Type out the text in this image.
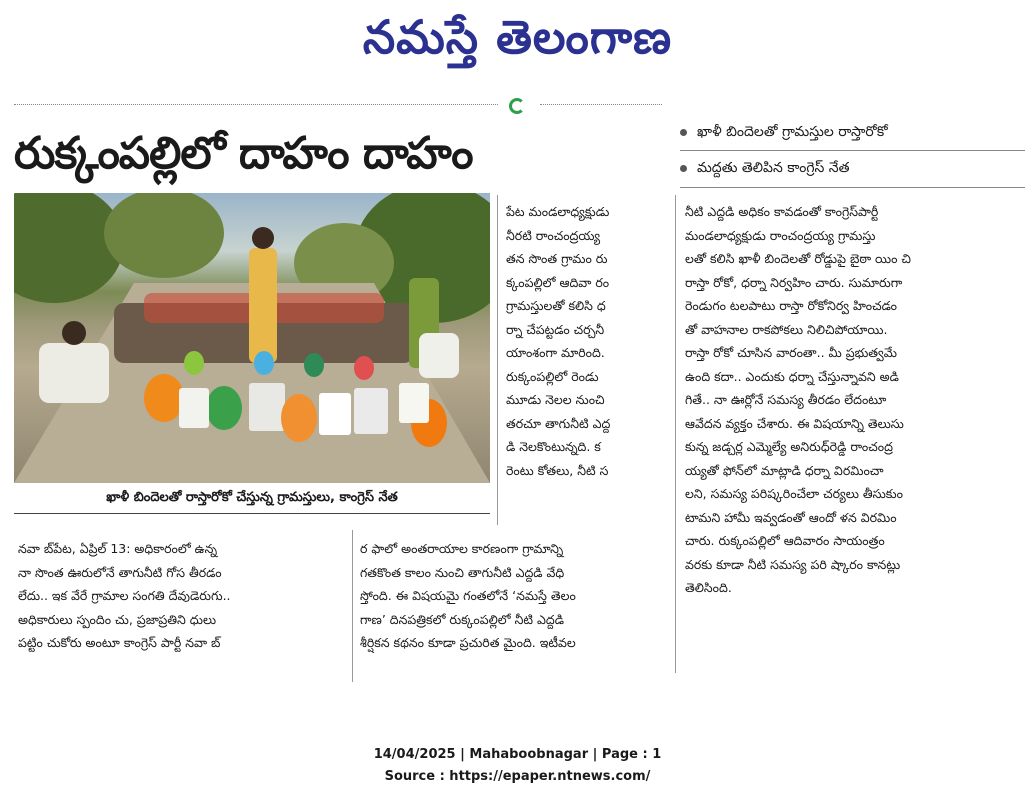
నమస్తే తెలంగాణ
రుక్కంపల్లిలో దాహం దాహం	ఖాళీ బిందెలతో గ్రామస్తుల రాస్తారోకో
మద్దతు తెలిపిన కాంగ్రెస్ నేత
ఖాళీ బిందెలతో రాస్తారోకో చేస్తున్న గ్రామస్తులు, కాంగ్రెస్ నేత
పేట మండలాధ్యక్షుడు
నీరటి రాంచంద్రయ్య
తన సొంత గ్రామం రు
క్కంపల్లిలో ఆదివా రం
గ్రామస్తులతో కలిసి ధ
ర్నా చేపట్టడం చర్చనీ
యాంశంగా మారింది.
రుక్కంపల్లిలో రెండు
మూడు నెలల నుంచి
తరచూ తాగునీటి ఎద్ద
డి నెలకొంటున్నది. క
రెంటు కోతలు, నీటి స
నీటి ఎద్దడి అధికం కావడంతో కాంగ్రెస్‌పార్టీ
మండలాధ్యక్షుడు రాంచంద్రయ్య గ్రామస్తు
లతో కలిసి ఖాళీ బిందెలతో రోడ్డుపై బైఠా యిం చి
రాస్తా రోకో, ధర్నా నిర్వహిం చారు. సుమారుగా
రెండుగం టలపాటు రాస్తా రోకోనిర్వ హించడం
తో వాహనాల రాకపోకలు నిలిచిపోయాయి.
రాస్తా రోకో చూసిన వారంతా.. మీ ప్రభుత్వమే
ఉంది కదా.. ఎందుకు ధర్నా చేస్తున్నావని అడి
గితే.. నా ఊర్లోనే సమస్య తీరడం లేదంటూ
ఆవేదన వ్యక్తం చేశారు. ఈ విషయాన్ని తెలుసు
కున్న జడ్చర్ల ఎమ్మెల్యే అనిరుధ్‌రెడ్డి రాంచంద్ర
య్యతో ఫోన్‌లో మాట్లాడి ధర్నా విరమించా
లని, సమస్య పరిష్కరించేలా చర్యలు తీసుకుం
టామని హామీ ఇవ్వడంతో ఆందో ళన విరమిం
చారు. రుక్కంపల్లిలో ఆదివారం సాయంత్రం
వరకు కూడా నీటి సమస్య పరి ష్కారం కానట్లు
తెలిసింది.
నవా బ్‌పేట, ఏప్రిల్ 13: అధికారంలో ఉన్న
నా సొంత ఊరులోనే తాగునీటి గోస తీరడం
లేదు.. ఇక వేరే గ్రామాల సంగతి దేవుడెరుగు..
అధికారులు స్పందిం చు, ప్రజాప్రతిని ధులు
పట్టిం చుకోరు అంటూ కాంగ్రెస్ పార్టీ నవా బ్
ర ఫాలో అంతరాయాల కారణంగా గ్రామాన్ని
గతకొంత కాలం నుంచి తాగునీటి ఎద్దడి వేధి
స్తోంది. ఈ విషయమై గంతలోనే ‘నమస్తే తెలం
గాణ’ దినపత్రికలో రుక్కంపల్లిలో నీటి ఎద్దడి
శీర్షికన కథనం కూడా ప్రచురిత మైంది. ఇటీవల
14/04/2025 | Mahaboobnagar | Page : 1
Source : https://epaper.ntnews.com/
